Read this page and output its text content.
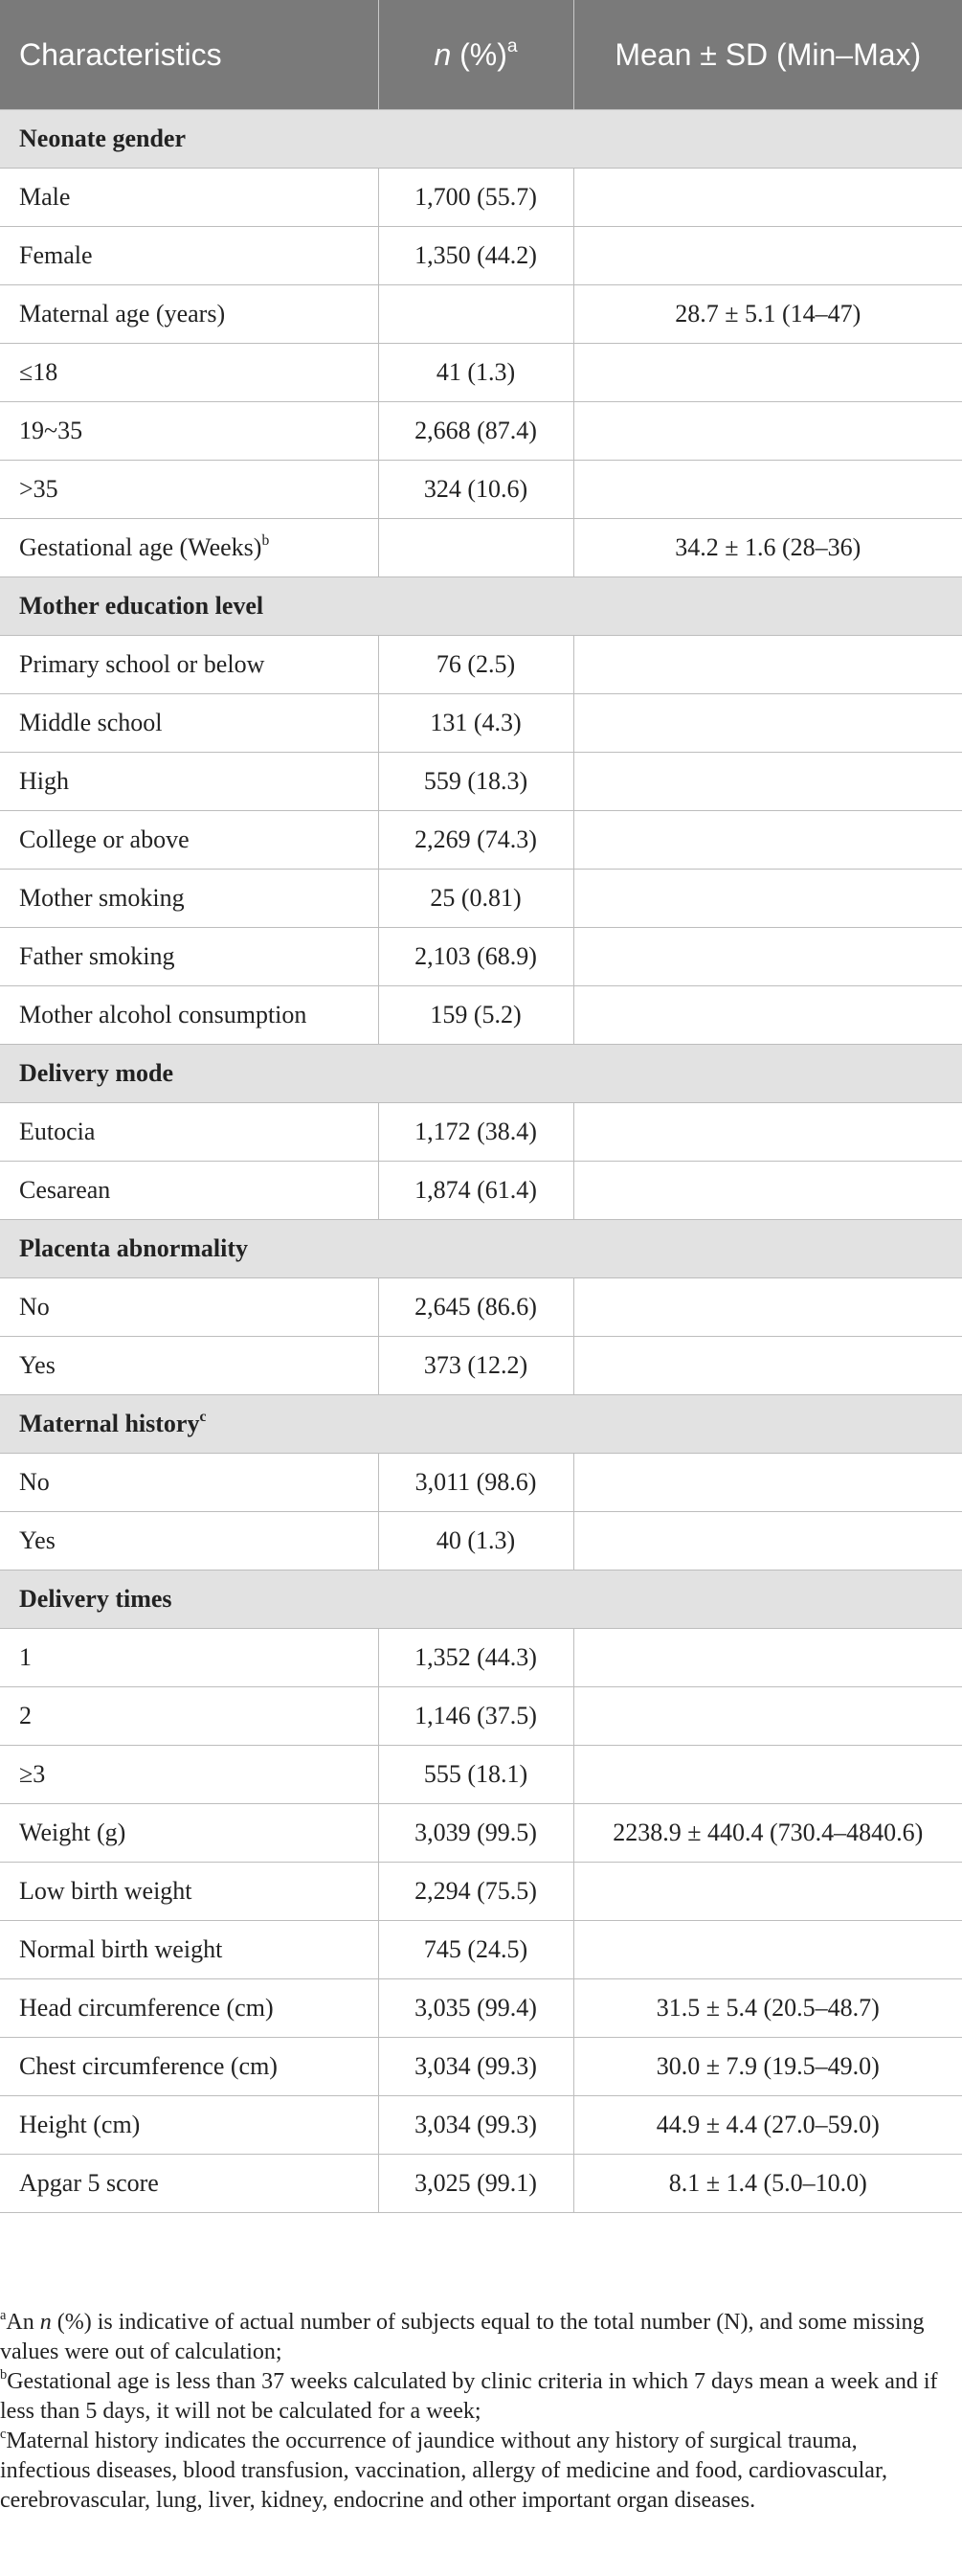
Characteristics	n (%)$^a$	Mean ± SD (Min–Max)
Neonate gender		
Male	1,700 (55.7)	
Female	1,350 (44.2)	
Maternal age (years)		28.7 ± 5.1 (14–47)
≤18	41 (1.3)	
19~35	2,668 (87.4)	
>35	324 (10.6)	
Gestational age (Weeks)$^b$		34.2 ± 1.6 (28–36)
Mother education level		
Primary school or below	76 (2.5)	
Middle school	131 (4.3)	
High	559 (18.3)	
College or above	2,269 (74.3)	
Mother smoking	25 (0.81)	
Father smoking	2,103 (68.9)	
Mother alcohol consumption	159 (5.2)	
Delivery mode		
Eutocia	1,172 (38.4)	
Cesarean	1,874 (61.4)	
Placenta abnormality		
No	2,645 (86.6)	
Yes	373 (12.2)	
Maternal history$^c$
No	3,011 (98.6)	
Yes	40 (1.3)	
Delivery times		
1	1,352 (44.3)	
2	1,146 (37.5)	
≥3	555 (18.1)	
Weight (g)	3,039 (99.5)	2238.9 ± 440.4 (730.4–4840.6)
Low birth weight	2,294 (75.5)	
Normal birth weight	745 (24.5)	
Head circumference (cm)	3,035 (99.4)	31.5 ± 5.4 (20.5–48.7)
Chest circumference (cm)	3,034 (99.3)	30.0 ± 7.9 (19.5–49.0)
Height (cm)	3,034 (99.3)	44.9 ± 4.4 (27.0–59.0)
Apgar 5 score	3,025 (99.1)	8.1 ± 1.4 (5.0–10.0)

$^a$An n (%) is indicative of actual number of subjects equal to the total number (N), and some missing values were out of calculation;

$^b$Gestational age is less than 37 weeks calculated by clinic criteria in which 7 days mean a week and if less than 5 days, it will not be calculated for a week;

$^c$Maternal history indicates the occurrence of jaundice without any history of surgical trauma, infectious diseases, blood transfusion, vaccination, allergy of medicine and food, cardiovascular, cerebrovascular, lung, liver, kidney, endocrine and other important organ diseases.
